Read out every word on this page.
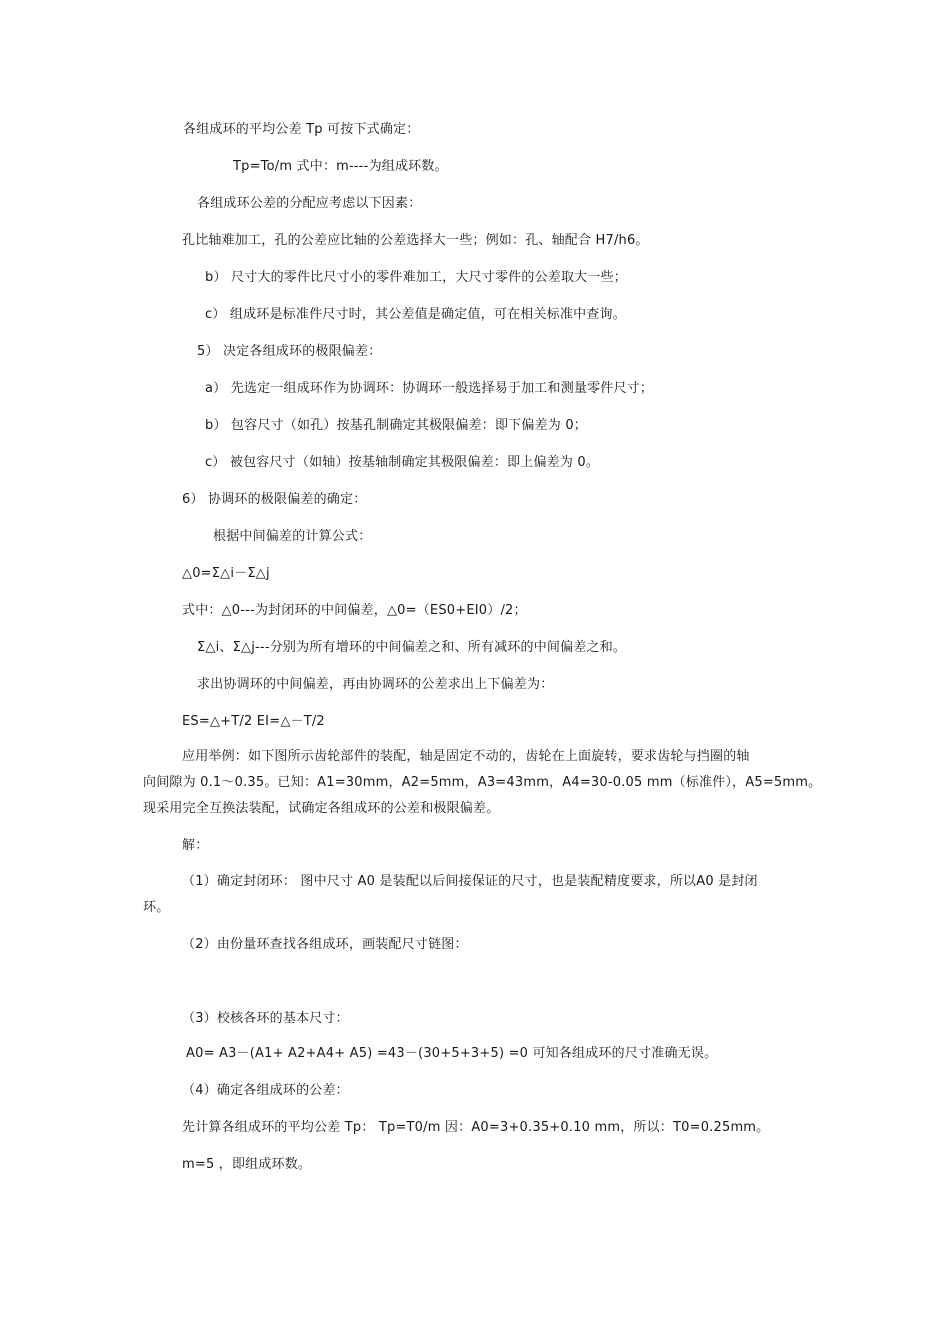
各组成环的平均公差 Tp 可按下式确定：
Tp=To/m 式中：m----为组成环数。
各组成环公差的分配应考虑以下因素：
孔比轴难加工，孔的公差应比轴的公差选择大一些；例如：孔、轴配合 H7/h6。
b） 尺寸大的零件比尺寸小的零件难加工，大尺寸零件的公差取大一些；
c） 组成环是标准件尺寸时，其公差值是确定值，可在相关标准中查询。
5） 决定各组成环的极限偏差：
a） 先选定一组成环作为协调环：协调环一般选择易于加工和测量零件尺寸；
b） 包容尺寸（如孔）按基孔制确定其极限偏差：即下偏差为 0；
c） 被包容尺寸（如轴）按基轴制确定其极限偏差：即上偏差为 0。
6） 协调环的极限偏差的确定：
根据中间偏差的计算公式：
△0=Σ△i－Σ△j
式中：△0---为封闭环的中间偏差，△0=（ES0+EI0）/2；
Σ△i、Σ△j---分别为所有增环的中间偏差之和、所有减环的中间偏差之和。
求出协调环的中间偏差，再由协调环的公差求出上下偏差为：
ES=△+T/2 EI=△－T/2
应用举例：如下图所示齿轮部件的装配，轴是固定不动的，齿轮在上面旋转，要求齿轮与挡圈的轴
向间隙为 0.1～0.35。已知：A1=30mm，A2=5mm，A3=43mm，A4=30-0.05 mm（标准件），A5=5mm。
现采用完全互换法装配，试确定各组成环的公差和极限偏差。
解：
（1）确定封闭环： 图中尺寸 A0 是装配以后间接保证的尺寸，也是装配精度要求，所以A0 是封闭
环。
（2）由份量环查找各组成环，画装配尺寸链图：
（3）校核各环的基本尺寸：
A0= A3－(A1+ A2+A4+ A5) =43－(30+5+3+5) =0 可知各组成环的尺寸准确无误。
（4）确定各组成环的公差：
先计算各组成环的平均公差 Tp： Tp=T0/m 因：A0=3+0.35+0.10 mm，所以：T0=0.25mm。
m=5 ，即组成环数。
